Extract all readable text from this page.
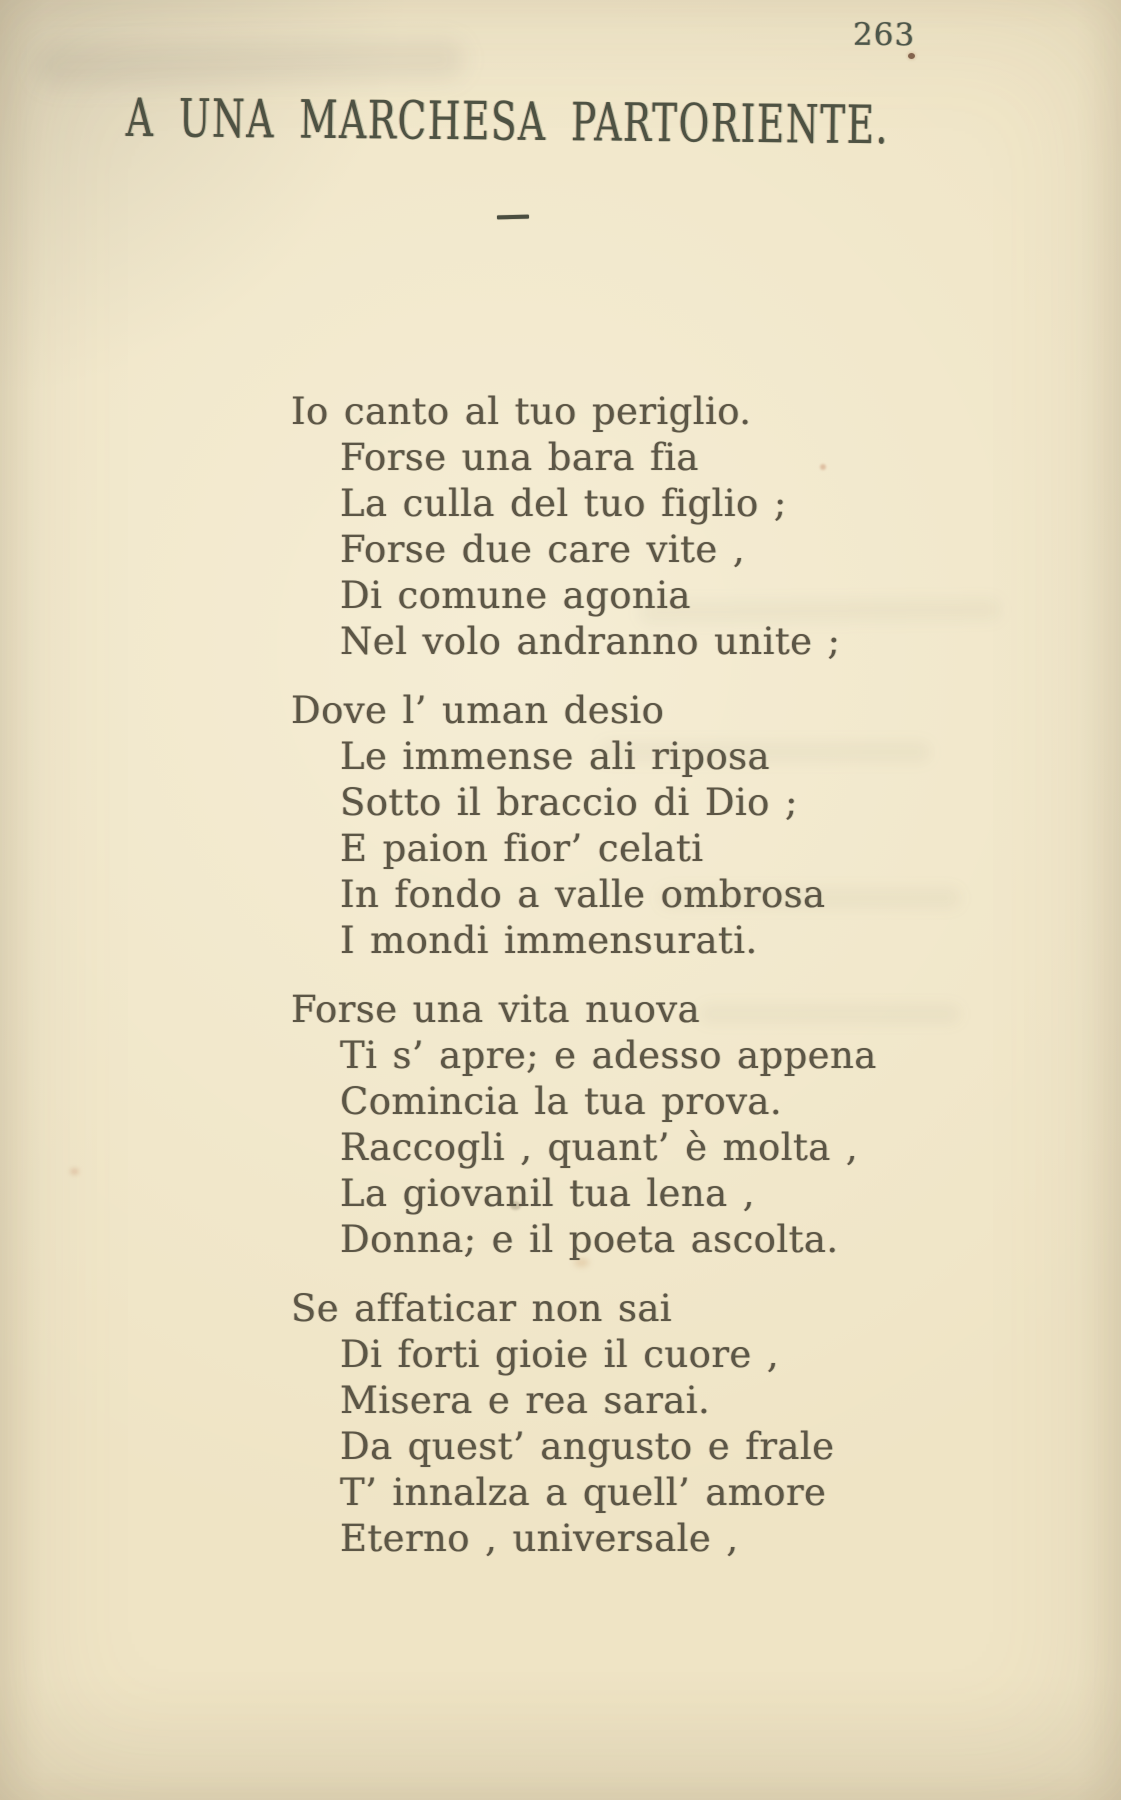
263
A UNA MARCHESA PARTORIENTE.
Io canto al tuo periglio.
Forse una bara fia
La culla del tuo figlio ;
Forse due care vite ,
Di comune agonia
Nel volo andranno unite ;
Dove l’ uman desio
Le immense ali riposa
Sotto il braccio di Dio ;
E paion fior’ celati
In fondo a valle ombrosa
I mondi immensurati.
Forse una vita nuova
Ti s’ apre; e adesso appena
Comincia la tua prova.
Raccogli , quant’ è molta ,
La giovanil tua lena ,
Donna; e il poeta ascolta.
Se affaticar non sai
Di forti gioie il cuore ,
Misera e rea sarai.
Da quest’ angusto e frale
T’ innalza a quell’ amore
Eterno , universale ,
